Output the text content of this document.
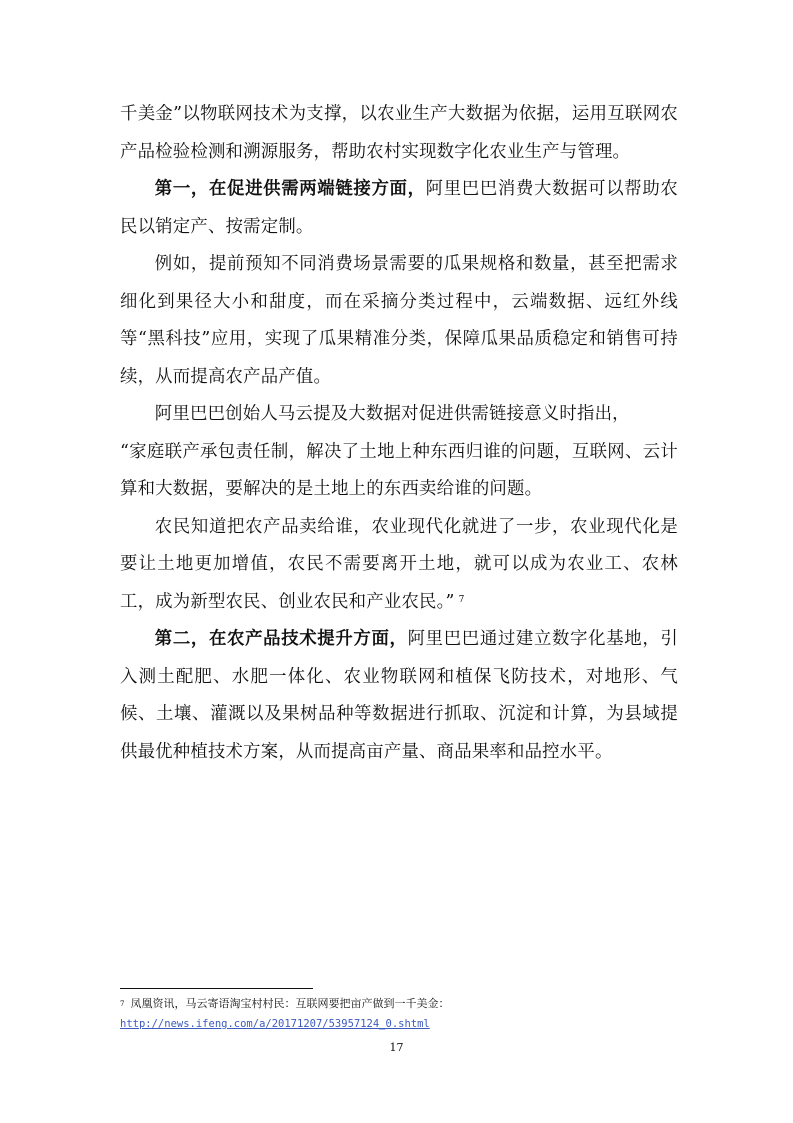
千美金”以物联网技术为支撑，以农业生产大数据为依据，运用互联网农产品检验检测和溯源服务，帮助农村实现数字化农业生产与管理。

第一，在促进供需两端链接方面，阿里巴巴消费大数据可以帮助农民以销定产、按需定制。

例如，提前预知不同消费场景需要的瓜果规格和数量，甚至把需求细化到果径大小和甜度，而在采摘分类过程中，云端数据、远红外线等“黑科技”应用，实现了瓜果精准分类，保障瓜果品质稳定和销售可持续，从而提高农产品产值。

阿里巴巴创始人马云提及大数据对促进供需链接意义时指出，

“家庭联产承包责任制，解决了土地上种东西归谁的问题，互联网、云计算和大数据，要解决的是土地上的东西卖给谁的问题。

农民知道把农产品卖给谁，农业现代化就进了一步，农业现代化是要让土地更加增值，农民不需要离开土地，就可以成为农业工、农林工，成为新型农民、创业农民和产业农民。” $^7$

第二，在农产品技术提升方面，阿里巴巴通过建立数字化基地，引入测土配肥、水肥一体化、农业物联网和植保飞防技术，对地形、气候、土壤、灌溉以及果树品种等数据进行抓取、沉淀和计算，为县域提供最优种植技术方案，从而提高亩产量、商品果率和品控水平。

$^7$ 凤凰资讯，马云寄语淘宝村村民：互联网要把亩产做到一千美金：
http://news.ifeng.com/a/20171207/53957124_0.shtml
17
